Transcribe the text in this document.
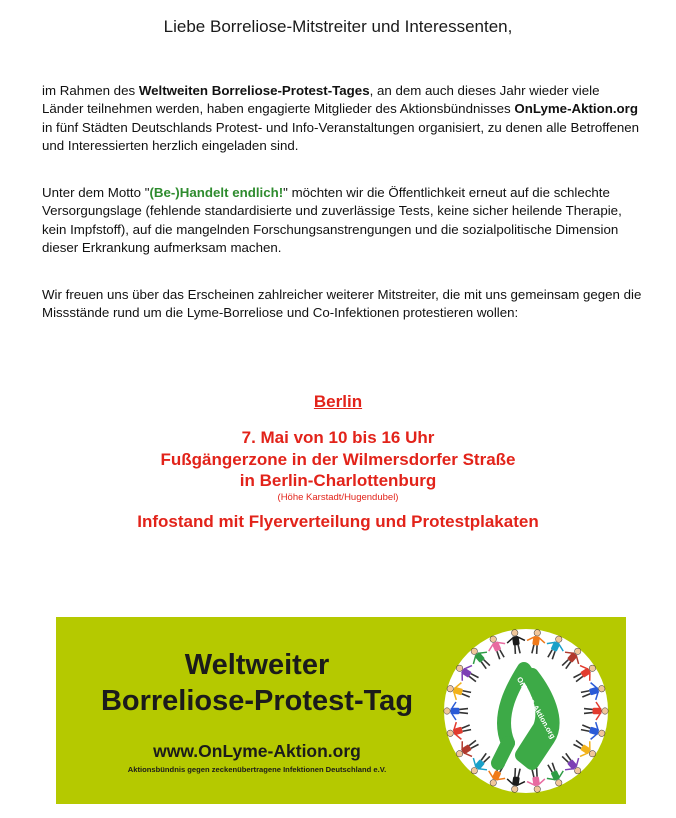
Liebe Borreliose-Mitstreiter und Interessenten,

im Rahmen des Weltweiten Borreliose-Protest-Tages, an dem auch dieses Jahr wieder viele Länder teilnehmen werden, haben engagierte Mitglieder des Aktionsbündnisses OnLyme-Aktion.org in fünf Städten Deutschlands Protest- und Info-Veranstaltungen organisiert, zu denen alle Betroffenen und Interessierten herzlich eingeladen sind.

Unter dem Motto "(Be-)Handelt endlich!" möchten wir die Öffentlichkeit erneut auf die schlechte Versorgungslage (fehlende standardisierte und zuverlässige Tests, keine sicher heilende Therapie, kein Impfstoff), auf die mangelnden Forschungsanstrengungen und die sozialpolitische Dimension dieser Erkrankung aufmerksam machen.

Wir freuen uns über das Erscheinen zahlreicher weiterer Mitstreiter, die mit uns gemeinsam gegen die Missstände rund um die Lyme-Borreliose und Co-Infektionen protestieren wollen:

Berlin
7. Mai von 10 bis 16 Uhr
Fußgängerzone in der Wilmersdorfer Straße
in Berlin-Charlottenburg
(Höhe Karstadt/Hugendubel)
Infostand mit Flyerverteilung und Protestplakaten
Weltweiter
Borreliose-Protest-Tag
www.OnLyme-Aktion.org
Aktionsbündnis gegen zeckenübertragene Infektionen Deutschland e.V.
OnLyme-Aktion.org
